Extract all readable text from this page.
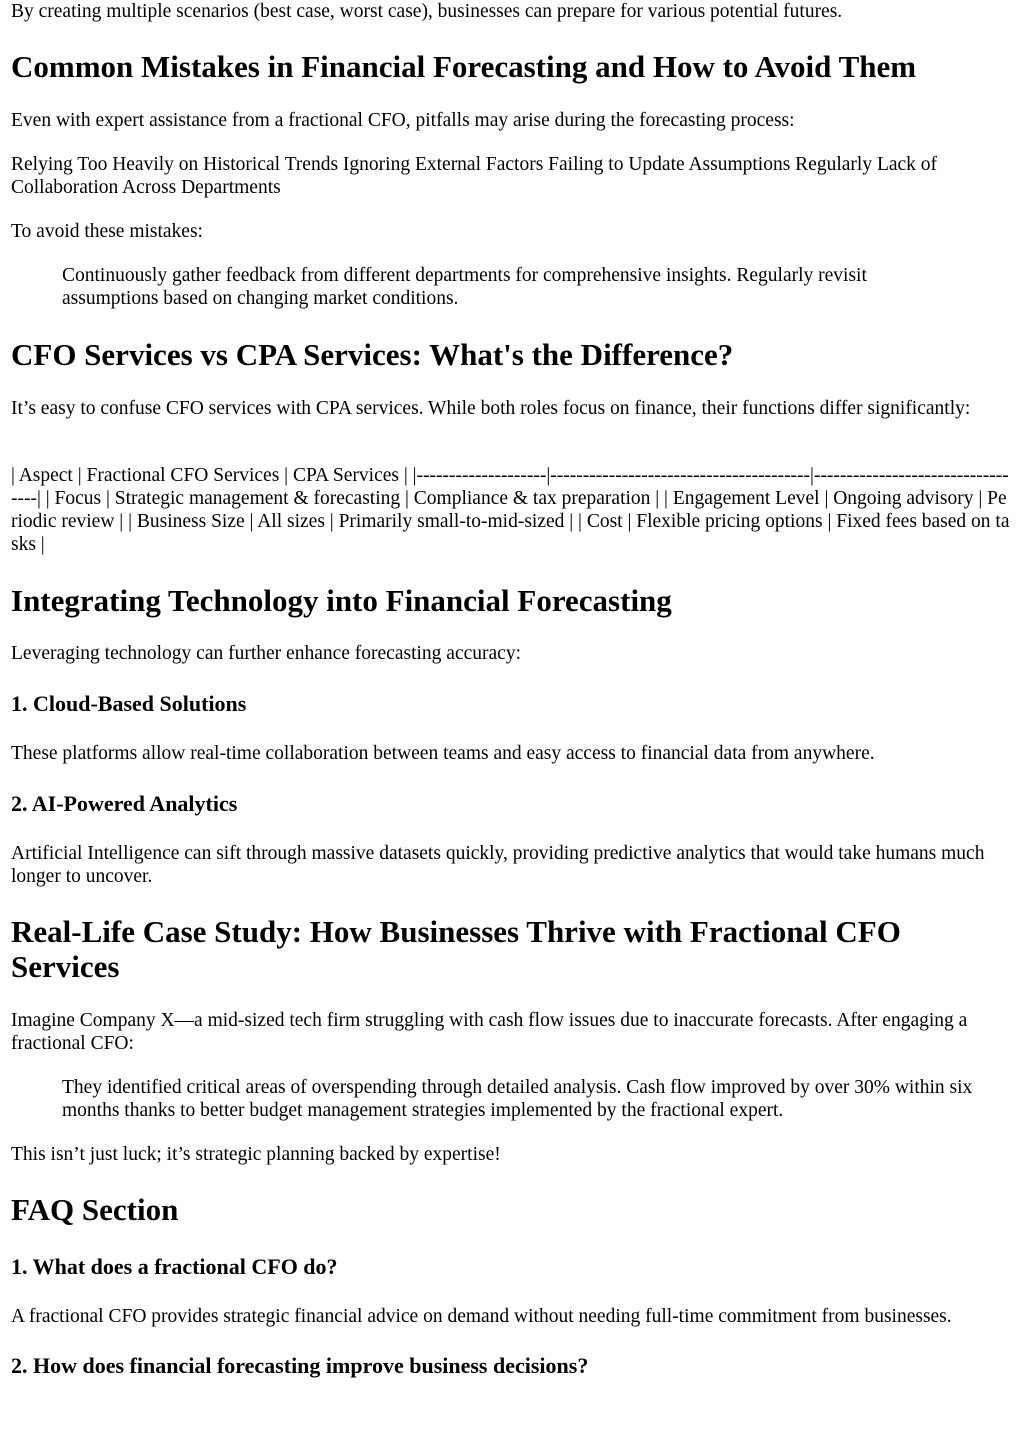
By creating multiple scenarios (best case, worst case), businesses can prepare for various potential futures.

Common Mistakes in Financial Forecasting and How to Avoid Them

Even with expert assistance from a fractional CFO, pitfalls may arise during the forecasting process:

Relying Too Heavily on Historical Trends Ignoring External Factors Failing to Update Assumptions Regularly Lack of Collaboration Across Departments

To avoid these mistakes:

Continuously gather feedback from different departments for comprehensive insights. Regularly revisit assumptions based on changing market conditions.
CFO Services vs CPA Services: What's the Difference?

It’s easy to confuse CFO services with CPA services. While both roles focus on finance, their functions differ significantly:

| Aspect | Fractional CFO Services | CPA Services | |--------------------|----------------------------------------|----------------------------------| | Focus | Strategic management & forecasting | Compliance & tax preparation | | Engagement Level | Ongoing advisory | Periodic review | | Business Size | All sizes | Primarily small-to-mid-sized | | Cost | Flexible pricing options | Fixed fees based on tasks |

Integrating Technology into Financial Forecasting

Leveraging technology can further enhance forecasting accuracy:

1. Cloud-Based Solutions

These platforms allow real-time collaboration between teams and easy access to financial data from anywhere.

2. AI-Powered Analytics

Artificial Intelligence can sift through massive datasets quickly, providing predictive analytics that would take humans much longer to uncover.

Real-Life Case Study: How Businesses Thrive with Fractional CFO Services

Imagine Company X—a mid-sized tech firm struggling with cash flow issues due to inaccurate forecasts. After engaging a fractional CFO:

They identified critical areas of overspending through detailed analysis. Cash flow improved by over 30% within six months thanks to better budget management strategies implemented by the fractional expert.

This isn’t just luck; it’s strategic planning backed by expertise!

FAQ Section
1. What does a fractional CFO do?

A fractional CFO provides strategic financial advice on demand without needing full-time commitment from businesses.

2. How does financial forecasting improve business decisions?
